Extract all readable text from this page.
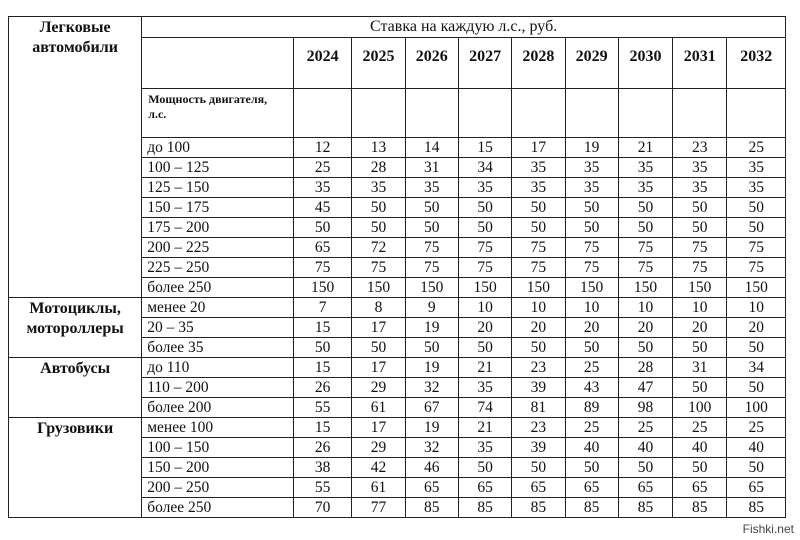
Легковые автомобили	Ставка на каждую л.с., руб.									
		2024	2025	2026	2027	2028	2029	2030	2031	2032
	Мощность двигателя, л.с.									
	до 100	12	13	14	15	17	19	21	23	25
	100 – 125	25	28	31	34	35	35	35	35	35
	125 – 150	35	35	35	35	35	35	35	35	35
	150 – 175	45	50	50	50	50	50	50	50	50
	175 – 200	50	50	50	50	50	50	50	50	50
	200 – 225	65	72	75	75	75	75	75	75	75
	225 – 250	75	75	75	75	75	75	75	75	75
	более 250	150	150	150	150	150	150	150	150	150
Мотоциклы, мотороллеры	менее 20	7	8	9	10	10	10	10	10	10
	20 – 35	15	17	19	20	20	20	20	20	20
	более 35	50	50	50	50	50	50	50	50	50
Автобусы	до 110	15	17	19	21	23	25	28	31	34
	110 – 200	26	29	32	35	39	43	47	50	50
	более 200	55	61	67	74	81	89	98	100	100
Грузовики	менее 100	15	17	19	21	23	25	25	25	25
	100 – 150	26	29	32	35	39	40	40	40	40
	150 – 200	38	42	46	50	50	50	50	50	50
	200 – 250	55	61	65	65	65	65	65	65	65
	более 250	70	77	85	85	85	85	85	85	85
Fishki.net
